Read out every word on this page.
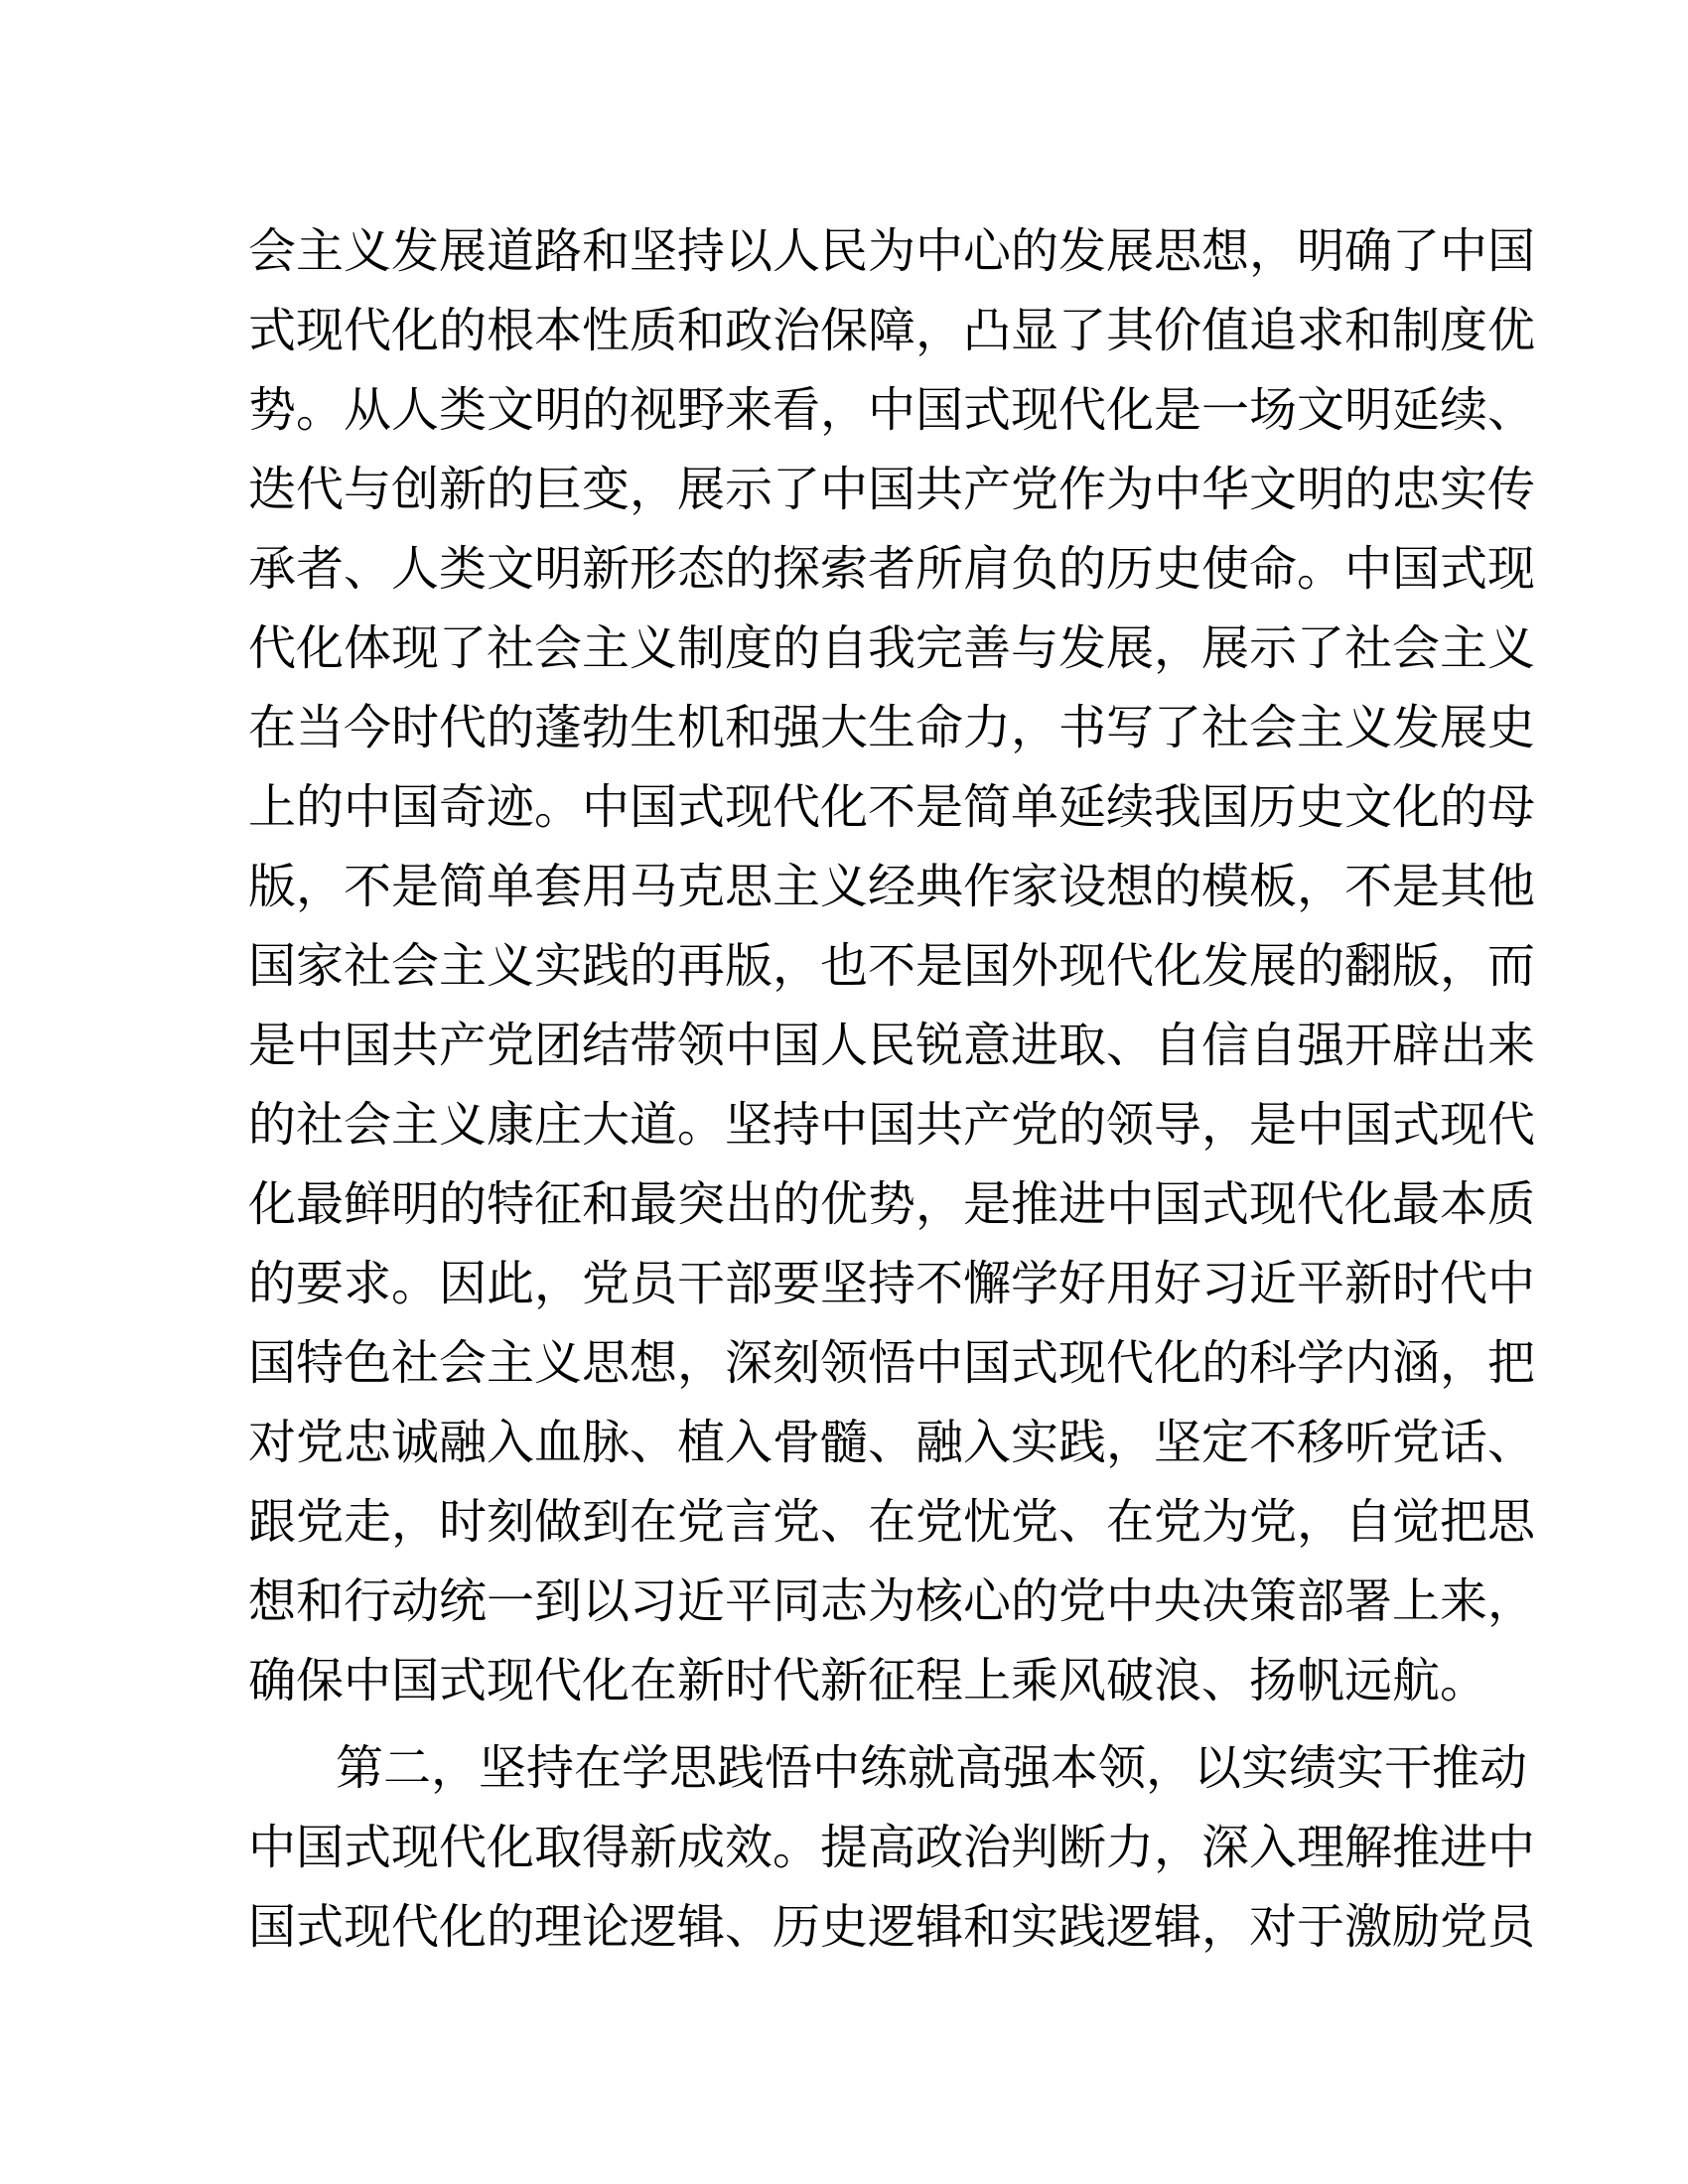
会主义发展道路和坚持以人民为中心的发展思想，明确了中国
式现代化的根本性质和政治保障，凸显了其价值追求和制度优
势。从人类文明的视野来看，中国式现代化是一场文明延续、
迭代与创新的巨变，展示了中国共产党作为中华文明的忠实传
承者、人类文明新形态的探索者所肩负的历史使命。中国式现
代化体现了社会主义制度的自我完善与发展，展示了社会主义
在当今时代的蓬勃生机和强大生命力，书写了社会主义发展史
上的中国奇迹。中国式现代化不是简单延续我国历史文化的母
版，不是简单套用马克思主义经典作家设想的模板，不是其他
国家社会主义实践的再版，也不是国外现代化发展的翻版，而
是中国共产党团结带领中国人民锐意进取、自信自强开辟出来
的社会主义康庄大道。坚持中国共产党的领导，是中国式现代
化最鲜明的特征和最突出的优势，是推进中国式现代化最本质
的要求。因此，党员干部要坚持不懈学好用好习近平新时代中
国特色社会主义思想，深刻领悟中国式现代化的科学内涵，把
对党忠诚融入血脉、植入骨髓、融入实践，坚定不移听党话、
跟党走，时刻做到在党言党、在党忧党、在党为党，自觉把思
想和行动统一到以习近平同志为核心的党中央决策部署上来，
确保中国式现代化在新时代新征程上乘风破浪、扬帆远航。
第二，坚持在学思践悟中练就高强本领，以实绩实干推动
中国式现代化取得新成效。提高政治判断力，深入理解推进中
国式现代化的理论逻辑、历史逻辑和实践逻辑，对于激励党员
